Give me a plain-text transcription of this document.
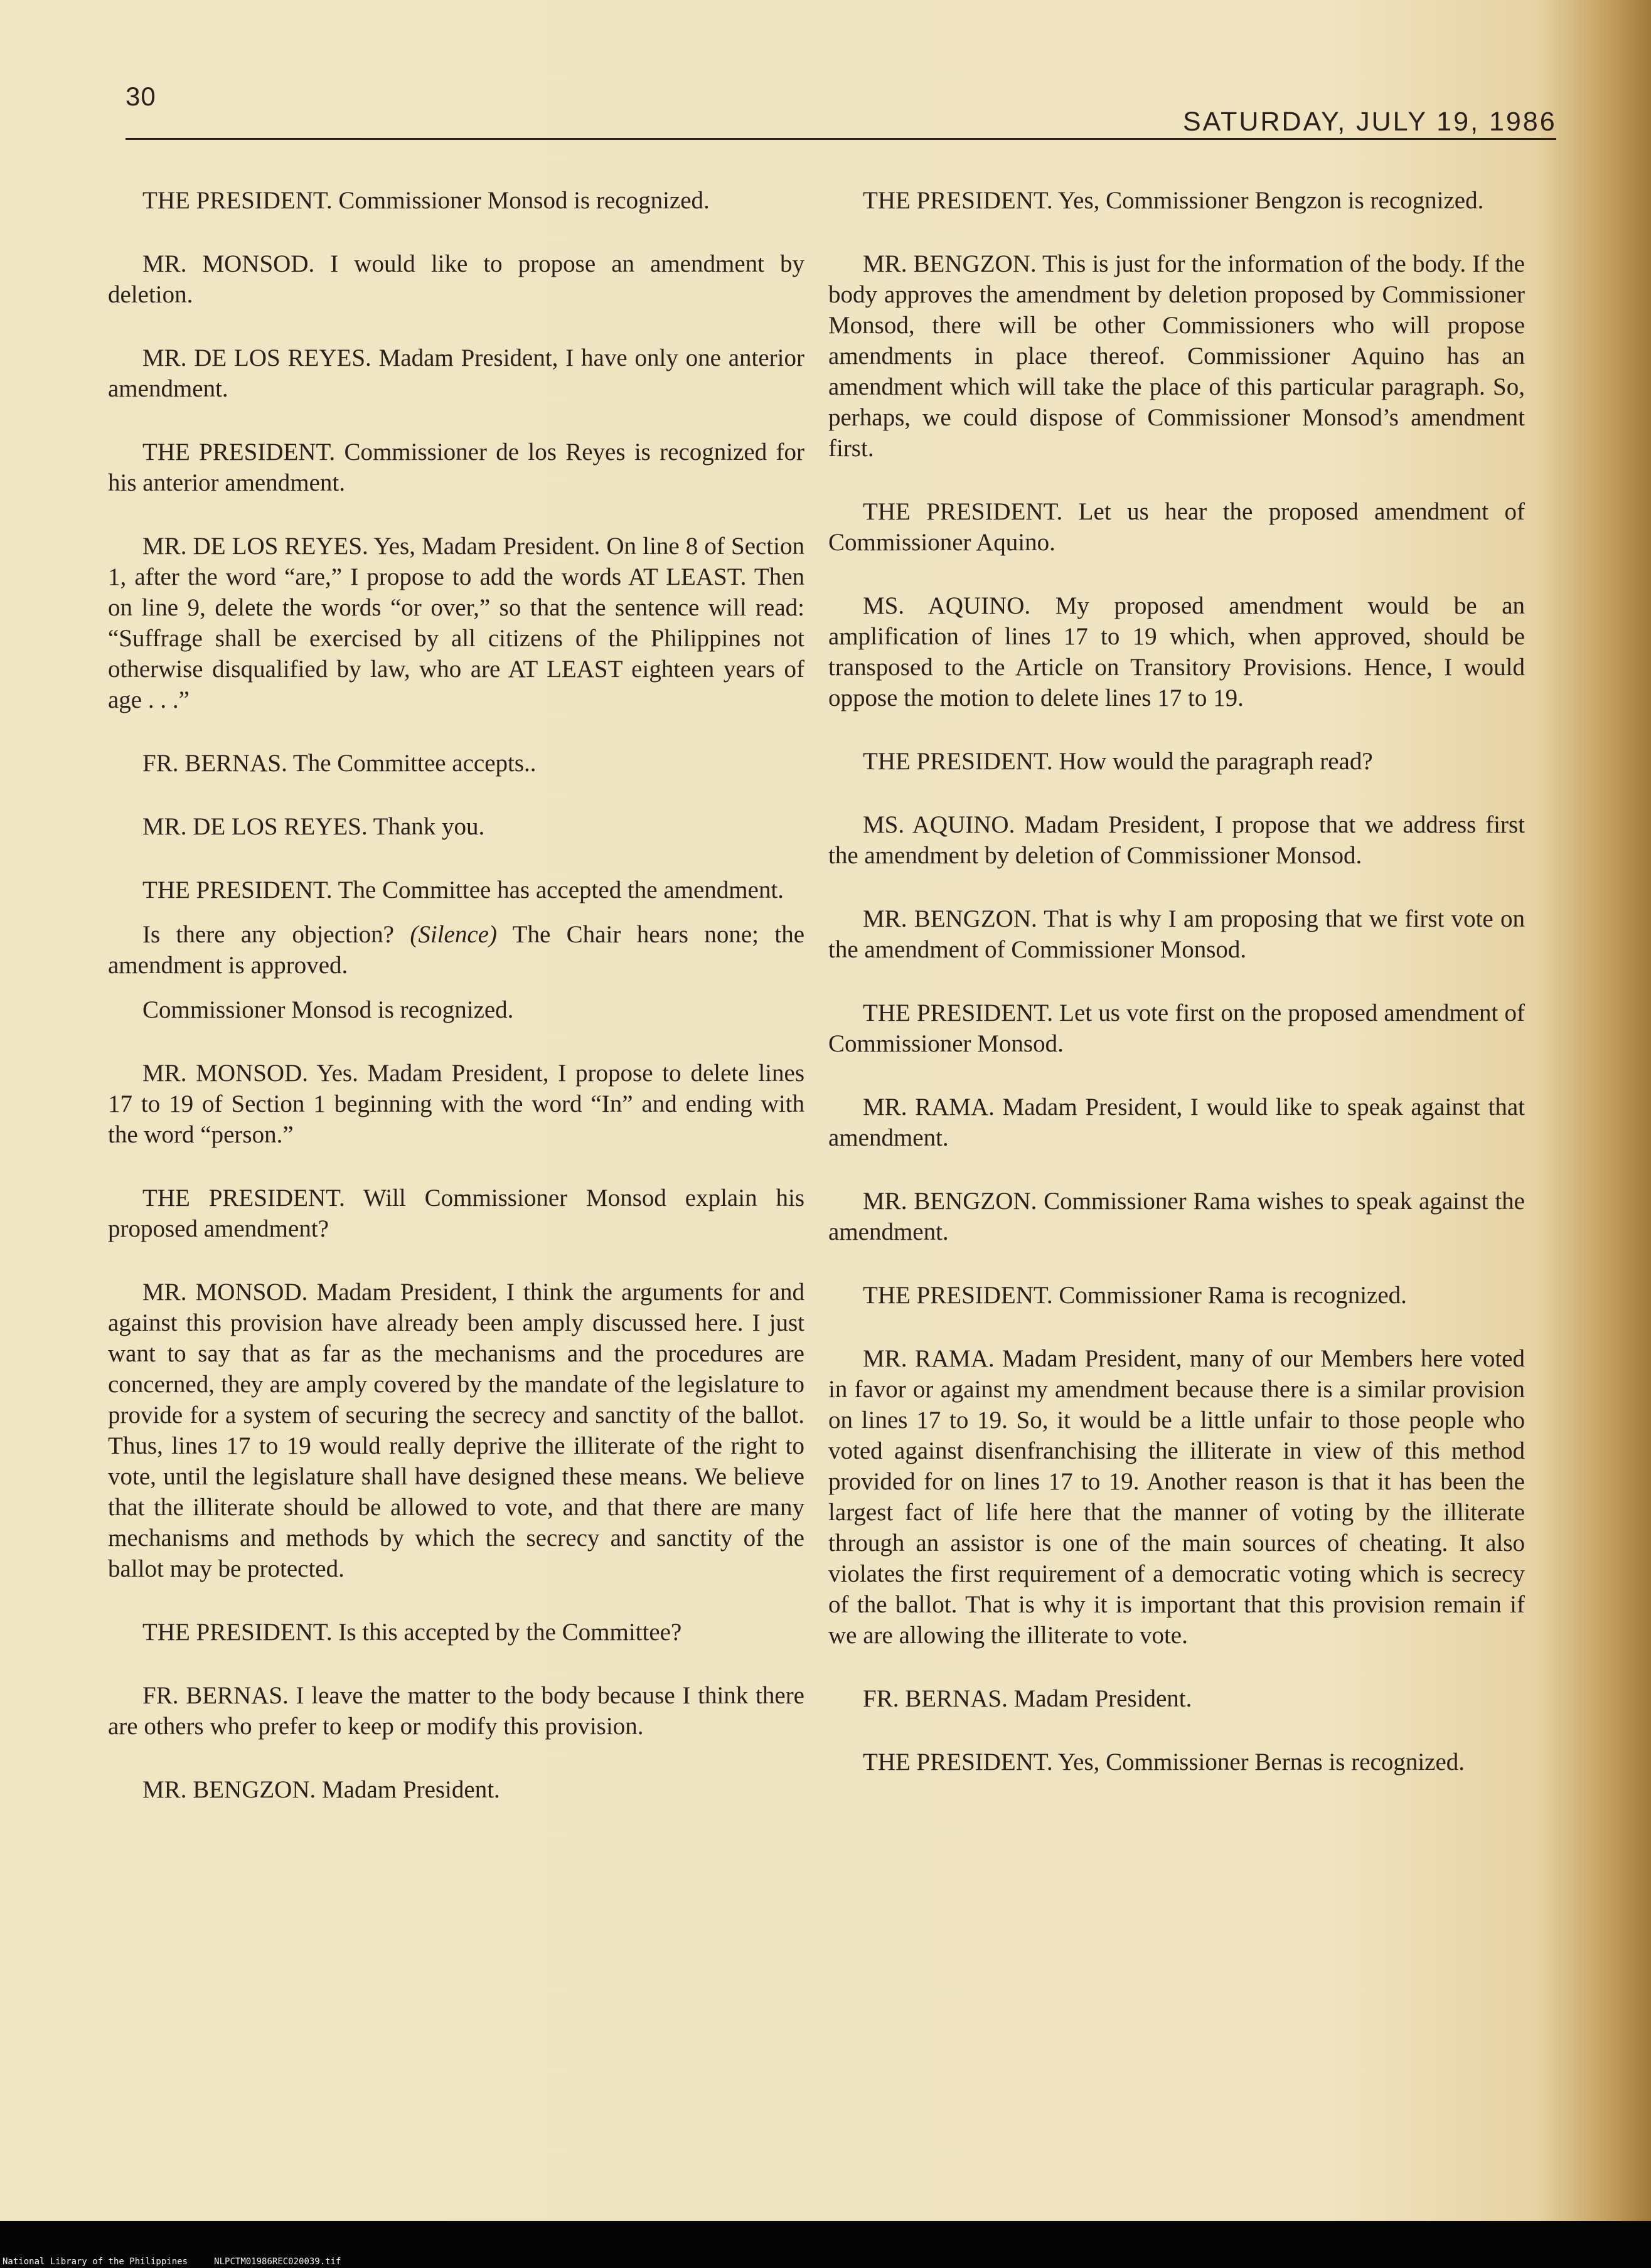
30
SATURDAY, JULY 19, 1986

THE PRESIDENT. Commissioner Monsod is recognized.

MR. MONSOD. I would like to propose an amendment by deletion.

MR. DE LOS REYES. Madam President, I have only one anterior amendment.

THE PRESIDENT. Commissioner de los Reyes is recognized for his anterior amendment.

MR. DE LOS REYES. Yes, Madam President. On line 8 of Section 1, after the word “are,” I propose to add the words AT LEAST. Then on line 9, delete the words “or over,” so that the sentence will read: “Suffrage shall be exercised by all citizens of the Philippines not otherwise disqualified by law, who are AT LEAST eighteen years of age . . .”

FR. BERNAS. The Committee accepts..

MR. DE LOS REYES. Thank you.

THE PRESIDENT. The Committee has accepted the amendment.

Is there any objection? (Silence) The Chair hears none; the amendment is approved.

Commissioner Monsod is recognized.

MR. MONSOD. Yes. Madam President, I propose to delete lines 17 to 19 of Section 1 beginning with the word “In” and ending with the word “person.”

THE PRESIDENT. Will Commissioner Monsod explain his proposed amendment?

MR. MONSOD. Madam President, I think the arguments for and against this provision have already been amply discussed here. I just want to say that as far as the mechanisms and the procedures are concerned, they are amply covered by the mandate of the legislature to provide for a system of securing the secrecy and sanctity of the ballot. Thus, lines 17 to 19 would really deprive the illiterate of the right to vote, until the legislature shall have designed these means. We believe that the illiterate should be allowed to vote, and that there are many mechanisms and methods by which the secrecy and sanctity of the ballot may be protected.

THE PRESIDENT. Is this accepted by the Committee?

FR. BERNAS. I leave the matter to the body because I think there are others who prefer to keep or modify this provision.

MR. BENGZON. Madam President.

THE PRESIDENT. Yes, Commissioner Bengzon is recognized.

MR. BENGZON. This is just for the information of the body. If the body approves the amendment by deletion proposed by Commissioner Monsod, there will be other Commissioners who will propose amendments in place thereof. Commissioner Aquino has an amendment which will take the place of this particular paragraph. So, perhaps, we could dispose of Commissioner Monsod’s amendment first.

THE PRESIDENT. Let us hear the proposed amendment of Commissioner Aquino.

MS. AQUINO. My proposed amendment would be an amplification of lines 17 to 19 which, when approved, should be transposed to the Article on Transitory Provisions. Hence, I would oppose the motion to delete lines 17 to 19.

THE PRESIDENT. How would the paragraph read?

MS. AQUINO. Madam President, I propose that we address first the amendment by deletion of Commissioner Monsod.

MR. BENGZON. That is why I am proposing that we first vote on the amendment of Commissioner Monsod.

THE PRESIDENT. Let us vote first on the proposed amendment of Commissioner Monsod.

MR. RAMA. Madam President, I would like to speak against that amendment.

MR. BENGZON. Commissioner Rama wishes to speak against the amendment.

THE PRESIDENT. Commissioner Rama is recognized.

MR. RAMA. Madam President, many of our Members here voted in favor or against my amendment because there is a similar provision on lines 17 to 19. So, it would be a little unfair to those people who voted against disenfranchising the illiterate in view of this method provided for on lines 17 to 19. Another reason is that it has been the largest fact of life here that the manner of voting by the illiterate through an assistor is one of the main sources of cheating. It also violates the first requirement of a democratic voting which is secrecy of the ballot. That is why it is important that this provision remain if we are allowing the illiterate to vote.

FR. BERNAS. Madam President.

THE PRESIDENT. Yes, Commissioner Bernas is recognized.

National Library of the Philippines	NLPCTM01986REC020039.tif
